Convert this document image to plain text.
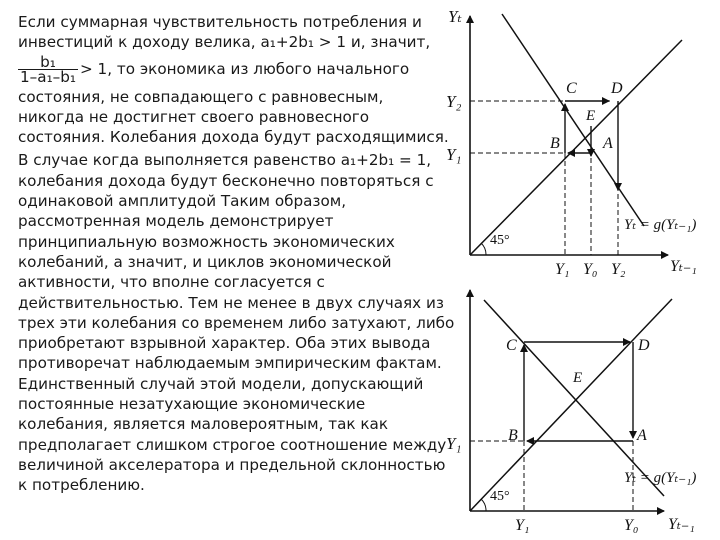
Если суммарная чувствительность потребления и
инвестиций к доходу велика, a₁+2b₁ > 1 и, значит,
$\frac{\text{b₁}}{\text{1–a₁–b₁}} > 1$, то экономика из любого начального
состояния, не совпадающего с равновесным,
никогда не достигнет своего равновесного
состояния. Колебания дохода будут расходящимися.
В случае когда выполняется равенство a₁+2b₁ = 1,
колебания дохода будут бесконечно повторяться с
одинаковой амплитудой Таким образом,
рассмотренная модель демонстрирует
принципиальную возможность экономических
колебаний, а значит, и циклов экономической
активности, что вполне согласуется с
действительностью. Тем не менее в двух случаях из
трех эти колебания со временем либо затухают, либо
приобретают взрывной характер. Оба этих вывода
противоречат наблюдаемым эмпирическим фактам.
Единственный случай этой модели, допускающий
постоянные незатухающие экономические
колебания, является маловероятным, так как
предполагает слишком строгое соотношение между
величиной акселератора и предельной склонностью
к потреблению.
Yₜ
Yₜ₋₁
Y₂
Y₁
Y₁ Y₀ Y₂
C D
E
B	A
45°
Yₜ = g(Yₜ₋₁)
Yₜ₋₁
Y₁
Y₁	Y₀
C	D
E
B	A
45°
Yₜ = g(Yₜ₋₁)
